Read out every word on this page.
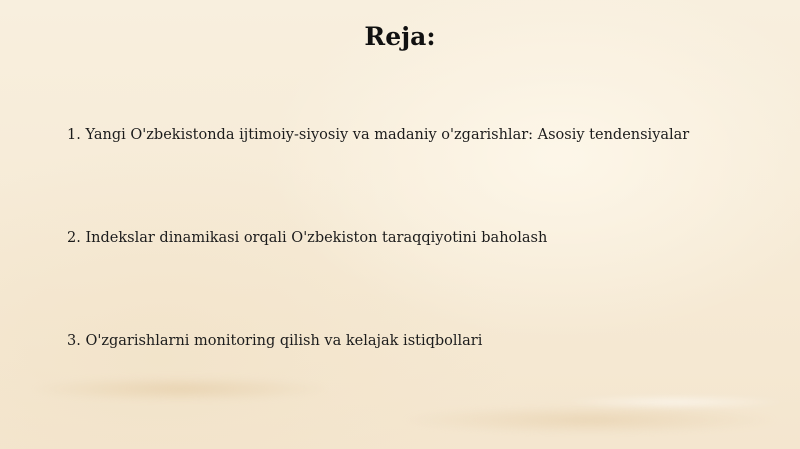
Reja:
1. Yangi O'zbekistonda ijtimoiy-siyosiy va madaniy o'zgarishlar: Asosiy tendensiyalar
2. Indekslar dinamikasi orqali O'zbekiston taraqqiyotini baholash
3. O'zgarishlarni monitoring qilish va kelajak istiqbollari
